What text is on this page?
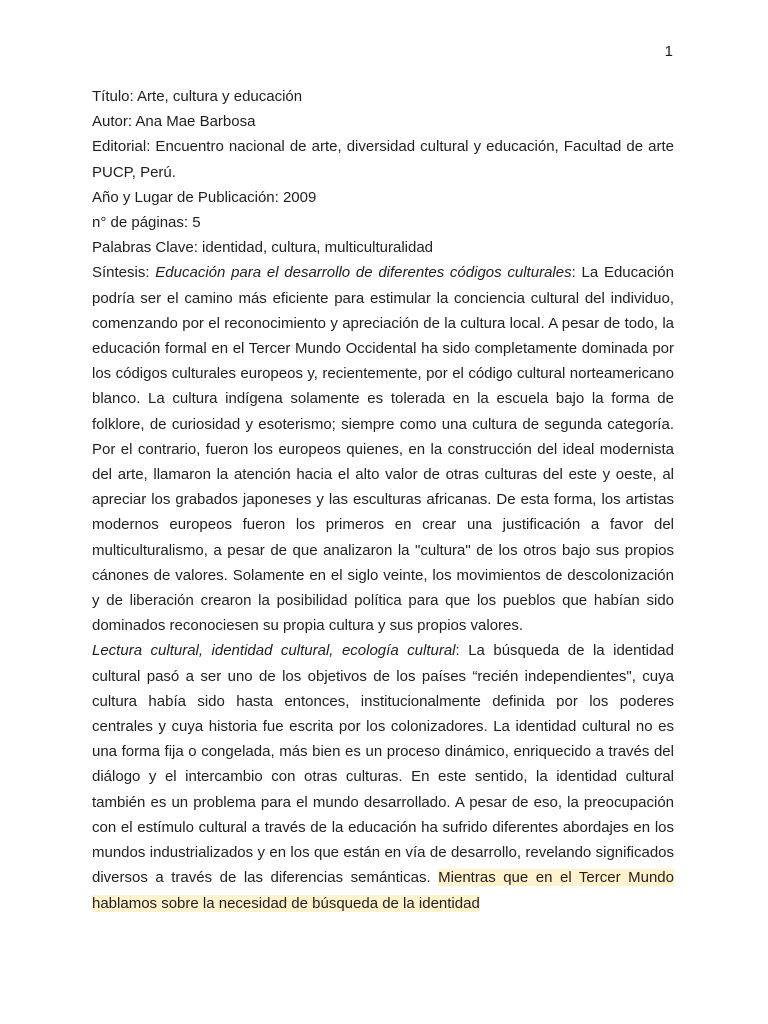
1

Título: Arte, cultura y educación

Autor: Ana Mae Barbosa

Editorial: Encuentro nacional de arte, diversidad cultural y educación, Facultad de arte PUCP, Perú.

Año y Lugar de Publicación: 2009

n° de páginas: 5

Palabras Clave: identidad, cultura, multiculturalidad

Síntesis: Educación para el desarrollo de diferentes códigos culturales: La Educación podría ser el camino más eficiente para estimular la conciencia cultural del individuo, comenzando por el reconocimiento y apreciación de la cultura local. A pesar de todo, la educación formal en el Tercer Mundo Occidental ha sido completamente dominada por los códigos culturales europeos y, recientemente, por el código cultural norteamericano blanco. La cultura indígena solamente es tolerada en la escuela bajo la forma de folklore, de curiosidad y esoterismo; siempre como una cultura de segunda categoría. Por el contrario, fueron los europeos quienes, en la construcción del ideal modernista del arte, llamaron la atención hacia el alto valor de otras culturas del este y oeste, al apreciar los grabados japoneses y las esculturas africanas. De esta forma, los artistas modernos europeos fueron los primeros en crear una justificación a favor del multiculturalismo, a pesar de que analizaron la "cultura" de los otros bajo sus propios cánones de valores. Solamente en el siglo veinte, los movimientos de descolonización y de liberación crearon la posibilidad política para que los pueblos que habían sido dominados reconociesen su propia cultura y sus propios valores.

Lectura cultural, identidad cultural, ecología cultural: La búsqueda de la identidad cultural pasó a ser uno de los objetivos de los países “recién independientes", cuya cultura había sido hasta entonces, institucionalmente definida por los poderes centrales y cuya historia fue escrita por los colonizadores. La identidad cultural no es una forma fija o congelada, más bien es un proceso dinámico, enriquecido a través del diálogo y el intercambio con otras culturas. En este sentido, la identidad cultural también es un problema para el mundo desarrollado. A pesar de eso, la preocupación con el estímulo cultural a través de la educación ha sufrido diferentes abordajes en los mundos industrializados y en los que están en vía de desarrollo, revelando significados diversos a través de las diferencias semánticas. Mientras que en el Tercer Mundo hablamos sobre la necesidad de búsqueda de la identidad
